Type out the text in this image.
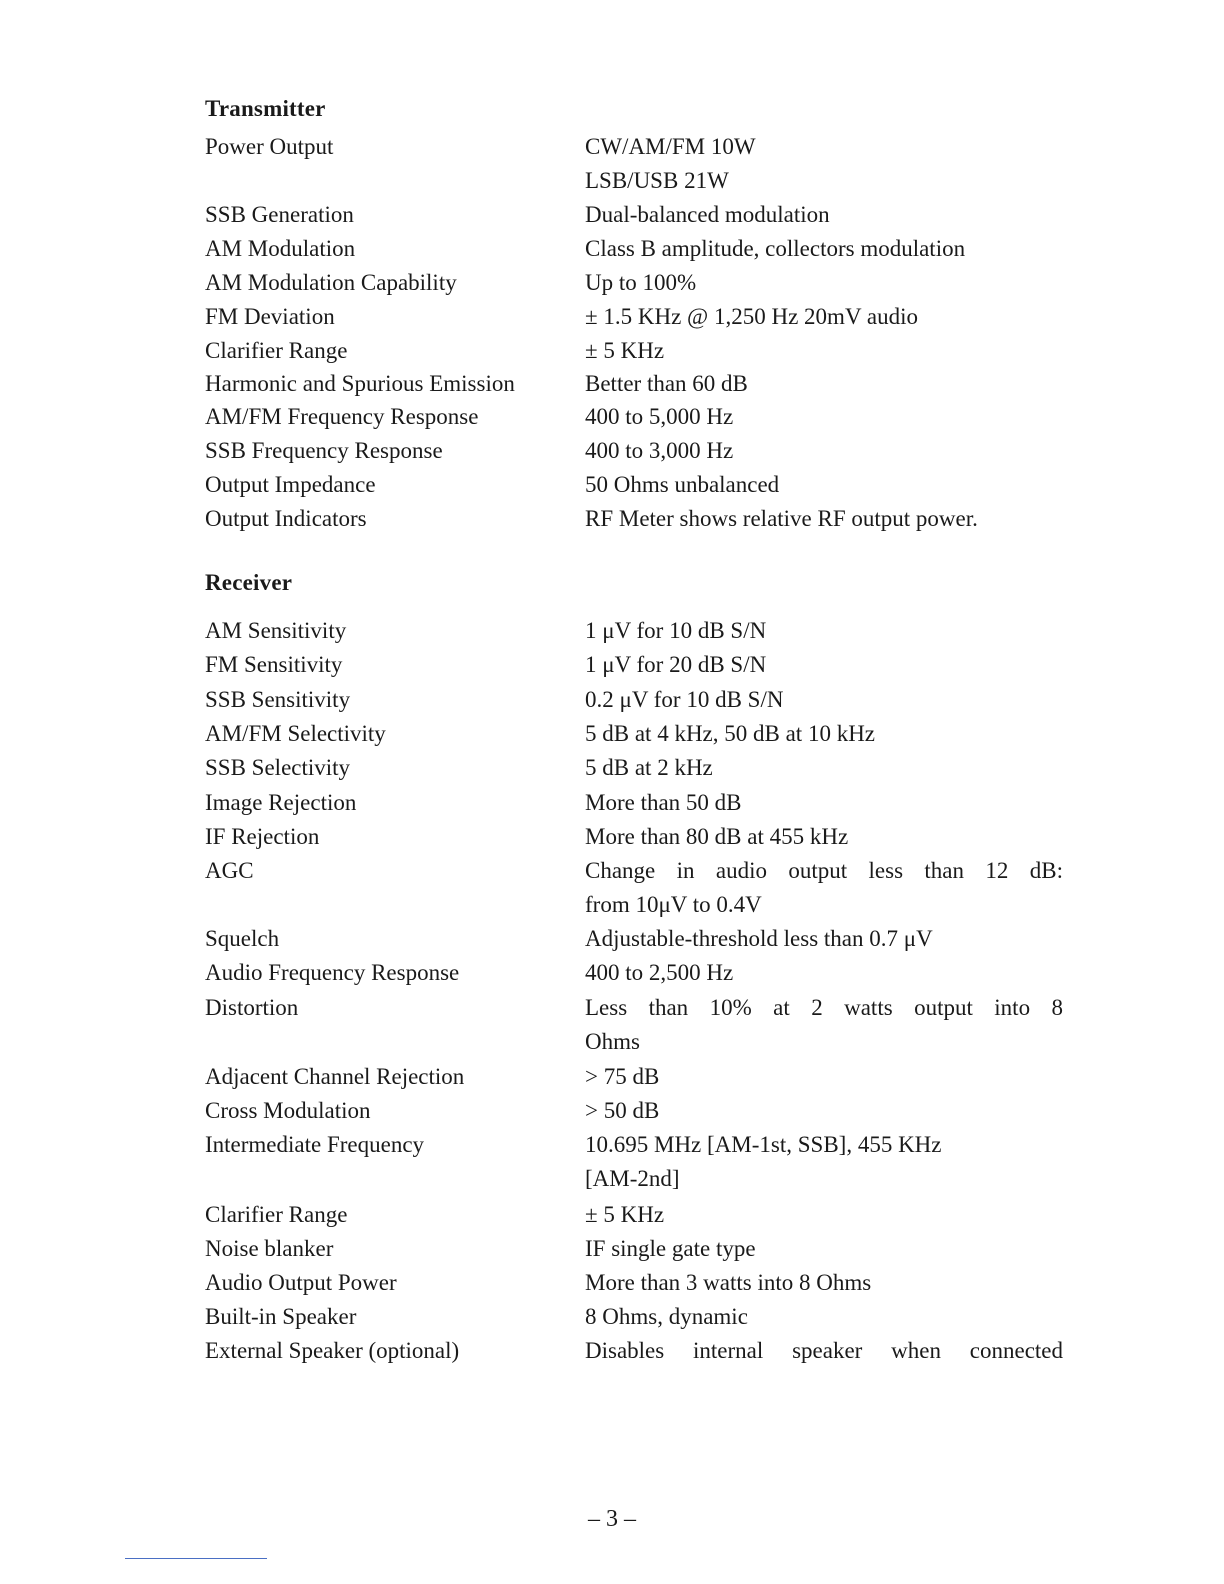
Transmitter
Power Output	CW/AM/FM 10W
LSB/USB 21W
SSB Generation	Dual-balanced modulation
AM Modulation	Class B amplitude, collectors modulation
AM Modulation Capability	Up to 100%
FM Deviation	± 1.5 KHz @ 1,250 Hz 20mV audio
Clarifier Range	± 5 KHz
Harmonic and Spurious Emission	Better than 60 dB
AM/FM Frequency Response	400 to 5,000 Hz
SSB Frequency Response	400 to 3,000 Hz
Output Impedance	50 Ohms unbalanced
Output Indicators	RF Meter shows relative RF output power.
Receiver
AM Sensitivity	1 μV for 10 dB S/N
FM Sensitivity	1 μV for 20 dB S/N
SSB Sensitivity	0.2 μV for 10 dB S/N
AM/FM Selectivity	5 dB at 4 kHz, 50 dB at 10 kHz
SSB Selectivity	5 dB at 2 kHz
Image Rejection	More than 50 dB
IF Rejection	More than 80 dB at 455 kHz
AGC	Change in audio output less than 12 dB:
from 10μV to 0.4V
Squelch	Adjustable-threshold less than 0.7 μV
Audio Frequency Response	400 to 2,500 Hz
Distortion	Less than 10% at 2 watts output into 8
Ohms
Adjacent Channel Rejection	> 75 dB
Cross Modulation	> 50 dB
Intermediate Frequency	10.695 MHz [AM-1st, SSB], 455 KHz
[AM-2nd]
Clarifier Range	± 5 KHz
Noise blanker	IF single gate type
Audio Output Power	More than 3 watts into 8 Ohms
Built-in Speaker	8 Ohms, dynamic
External Speaker (optional)	Disables internal speaker when connected
– 3 –
